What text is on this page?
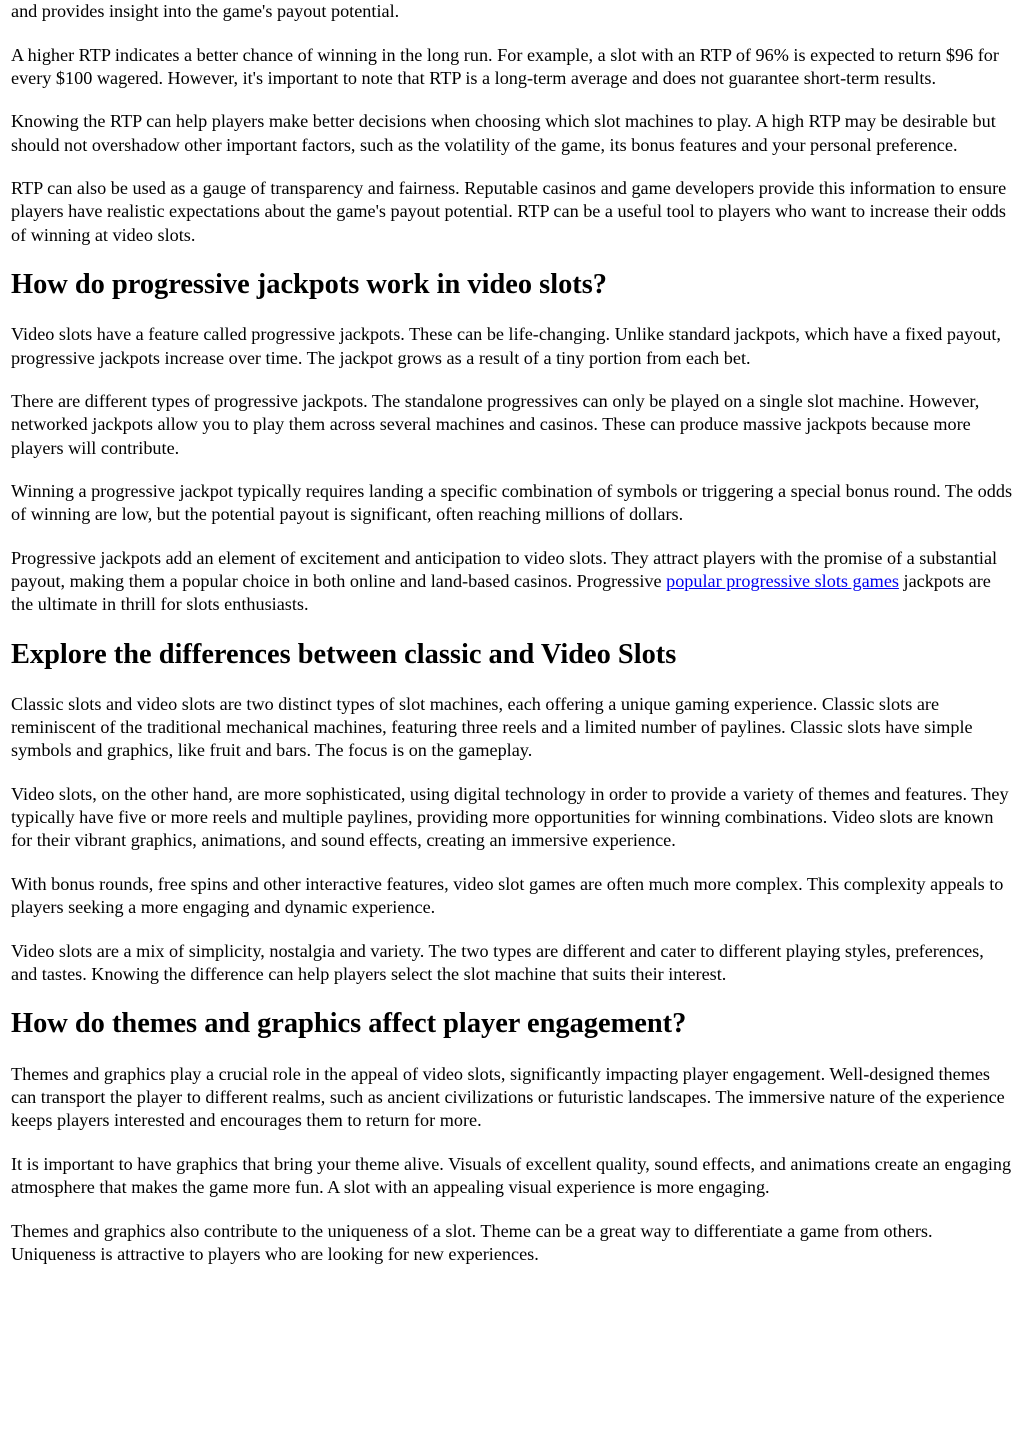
and provides insight into the game's payout potential.

A higher RTP indicates a better chance of winning in the long run. For example, a slot with an RTP of 96% is expected to return $96 for every $100 wagered. However, it's important to note that RTP is a long-term average and does not guarantee short-term results.

Knowing the RTP can help players make better decisions when choosing which slot machines to play. A high RTP may be desirable but should not overshadow other important factors, such as the volatility of the game, its bonus features and your personal preference.

RTP can also be used as a gauge of transparency and fairness. Reputable casinos and game developers provide this information to ensure players have realistic expectations about the game's payout potential. RTP can be a useful tool to players who want to increase their odds of winning at video slots.

How do progressive jackpots work in video slots?

Video slots have a feature called progressive jackpots. These can be life-changing. Unlike standard jackpots, which have a fixed payout, progressive jackpots increase over time. The jackpot grows as a result of a tiny portion from each bet.

There are different types of progressive jackpots. The standalone progressives can only be played on a single slot machine. However, networked jackpots allow you to play them across several machines and casinos. These can produce massive jackpots because more players will contribute.

Winning a progressive jackpot typically requires landing a specific combination of symbols or triggering a special bonus round. The odds of winning are low, but the potential payout is significant, often reaching millions of dollars.

Progressive jackpots add an element of excitement and anticipation to video slots. They attract players with the promise of a substantial payout, making them a popular choice in both online and land-based casinos. Progressive popular progressive slots games jackpots are the ultimate in thrill for slots enthusiasts.

Explore the differences between classic and Video Slots

Classic slots and video slots are two distinct types of slot machines, each offering a unique gaming experience. Classic slots are reminiscent of the traditional mechanical machines, featuring three reels and a limited number of paylines. Classic slots have simple symbols and graphics, like fruit and bars. The focus is on the gameplay.

Video slots, on the other hand, are more sophisticated, using digital technology in order to provide a variety of themes and features. They typically have five or more reels and multiple paylines, providing more opportunities for winning combinations. Video slots are known for their vibrant graphics, animations, and sound effects, creating an immersive experience.

With bonus rounds, free spins and other interactive features, video slot games are often much more complex. This complexity appeals to players seeking a more engaging and dynamic experience.

Video slots are a mix of simplicity, nostalgia and variety. The two types are different and cater to different playing styles, preferences, and tastes. Knowing the difference can help players select the slot machine that suits their interest.

How do themes and graphics affect player engagement?

Themes and graphics play a crucial role in the appeal of video slots, significantly impacting player engagement. Well-designed themes can transport the player to different realms, such as ancient civilizations or futuristic landscapes. The immersive nature of the experience keeps players interested and encourages them to return for more.

It is important to have graphics that bring your theme alive. Visuals of excellent quality, sound effects, and animations create an engaging atmosphere that makes the game more fun. A slot with an appealing visual experience is more engaging.

Themes and graphics also contribute to the uniqueness of a slot. Theme can be a great way to differentiate a game from others. Uniqueness is attractive to players who are looking for new experiences.
